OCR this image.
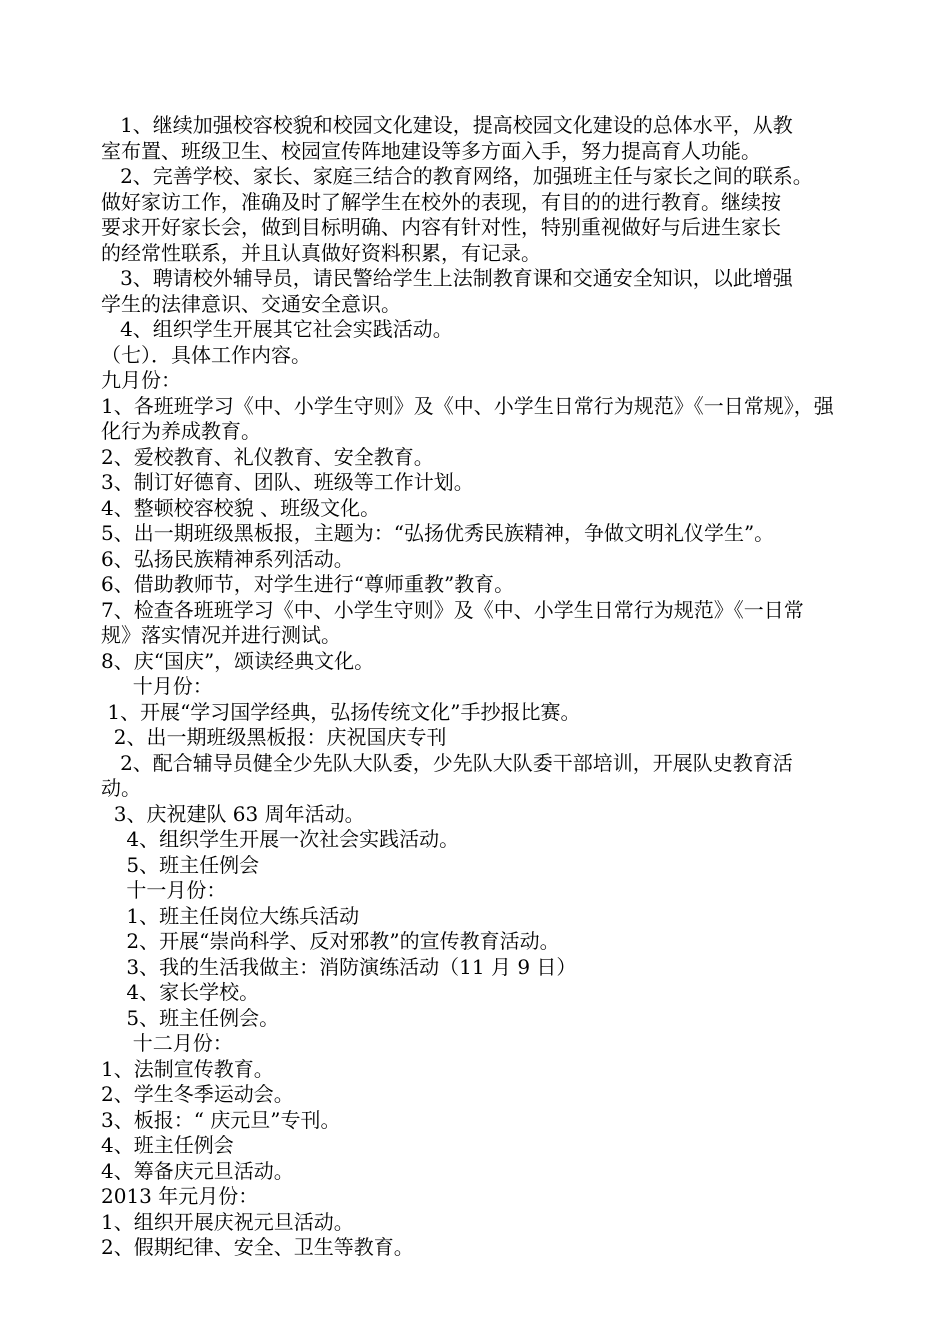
1、继续加强校容校貌和校园文化建设，提高校园文化建设的总体水平，从教
室布置、班级卫生、校园宣传阵地建设等多方面入手，努力提高育人功能。
2、完善学校、家长、家庭三结合的教育网络，加强班主任与家长之间的联系。
做好家访工作，准确及时了解学生在校外的表现，有目的的进行教育。继续按
要求开好家长会，做到目标明确、内容有针对性，特别重视做好与后进生家长
的经常性联系，并且认真做好资料积累，有记录。
3、聘请校外辅导员，请民警给学生上法制教育课和交通安全知识，以此增强
学生的法律意识、交通安全意识。
4、组织学生开展其它社会实践活动。
（七）．具体工作内容。
九月份：
1、各班班学习《中、小学生守则》及《中、小学生日常行为规范》《一日常规》，强
化行为养成教育。
2、爱校教育、礼仪教育、安全教育。
3、制订好德育、团队、班级等工作计划。
4、整顿校容校貌 、班级文化。
5、出一期班级黑板报，主题为：“弘扬优秀民族精神，争做文明礼仪学生”。
6、弘扬民族精神系列活动。
6、借助教师节，对学生进行“尊师重教”教育。
7、检查各班班学习《中、小学生守则》及《中、小学生日常行为规范》《一日常
规》落实情况并进行测试。
8、庆“国庆”，颂读经典文化。
十月份：
1、开展“学习国学经典，弘扬传统文化”手抄报比赛。
2、出一期班级黑板报：庆祝国庆专刊
2、配合辅导员健全少先队大队委，少先队大队委干部培训，开展队史教育活
动。
3、庆祝建队 63 周年活动。
4、组织学生开展一次社会实践活动。
5、班主任例会
十一月份：
1、班主任岗位大练兵活动
2、开展“崇尚科学、反对邪教”的宣传教育活动。
3、我的生活我做主：消防演练活动（11 月 9 日）
4、家长学校。
5、班主任例会。
十二月份：
1、法制宣传教育。
2、学生冬季运动会。
3、板报：“ 庆元旦”专刊。
4、班主任例会
4、筹备庆元旦活动。
2013 年元月份：
1、组织开展庆祝元旦活动。
2、假期纪律、安全、卫生等教育。
